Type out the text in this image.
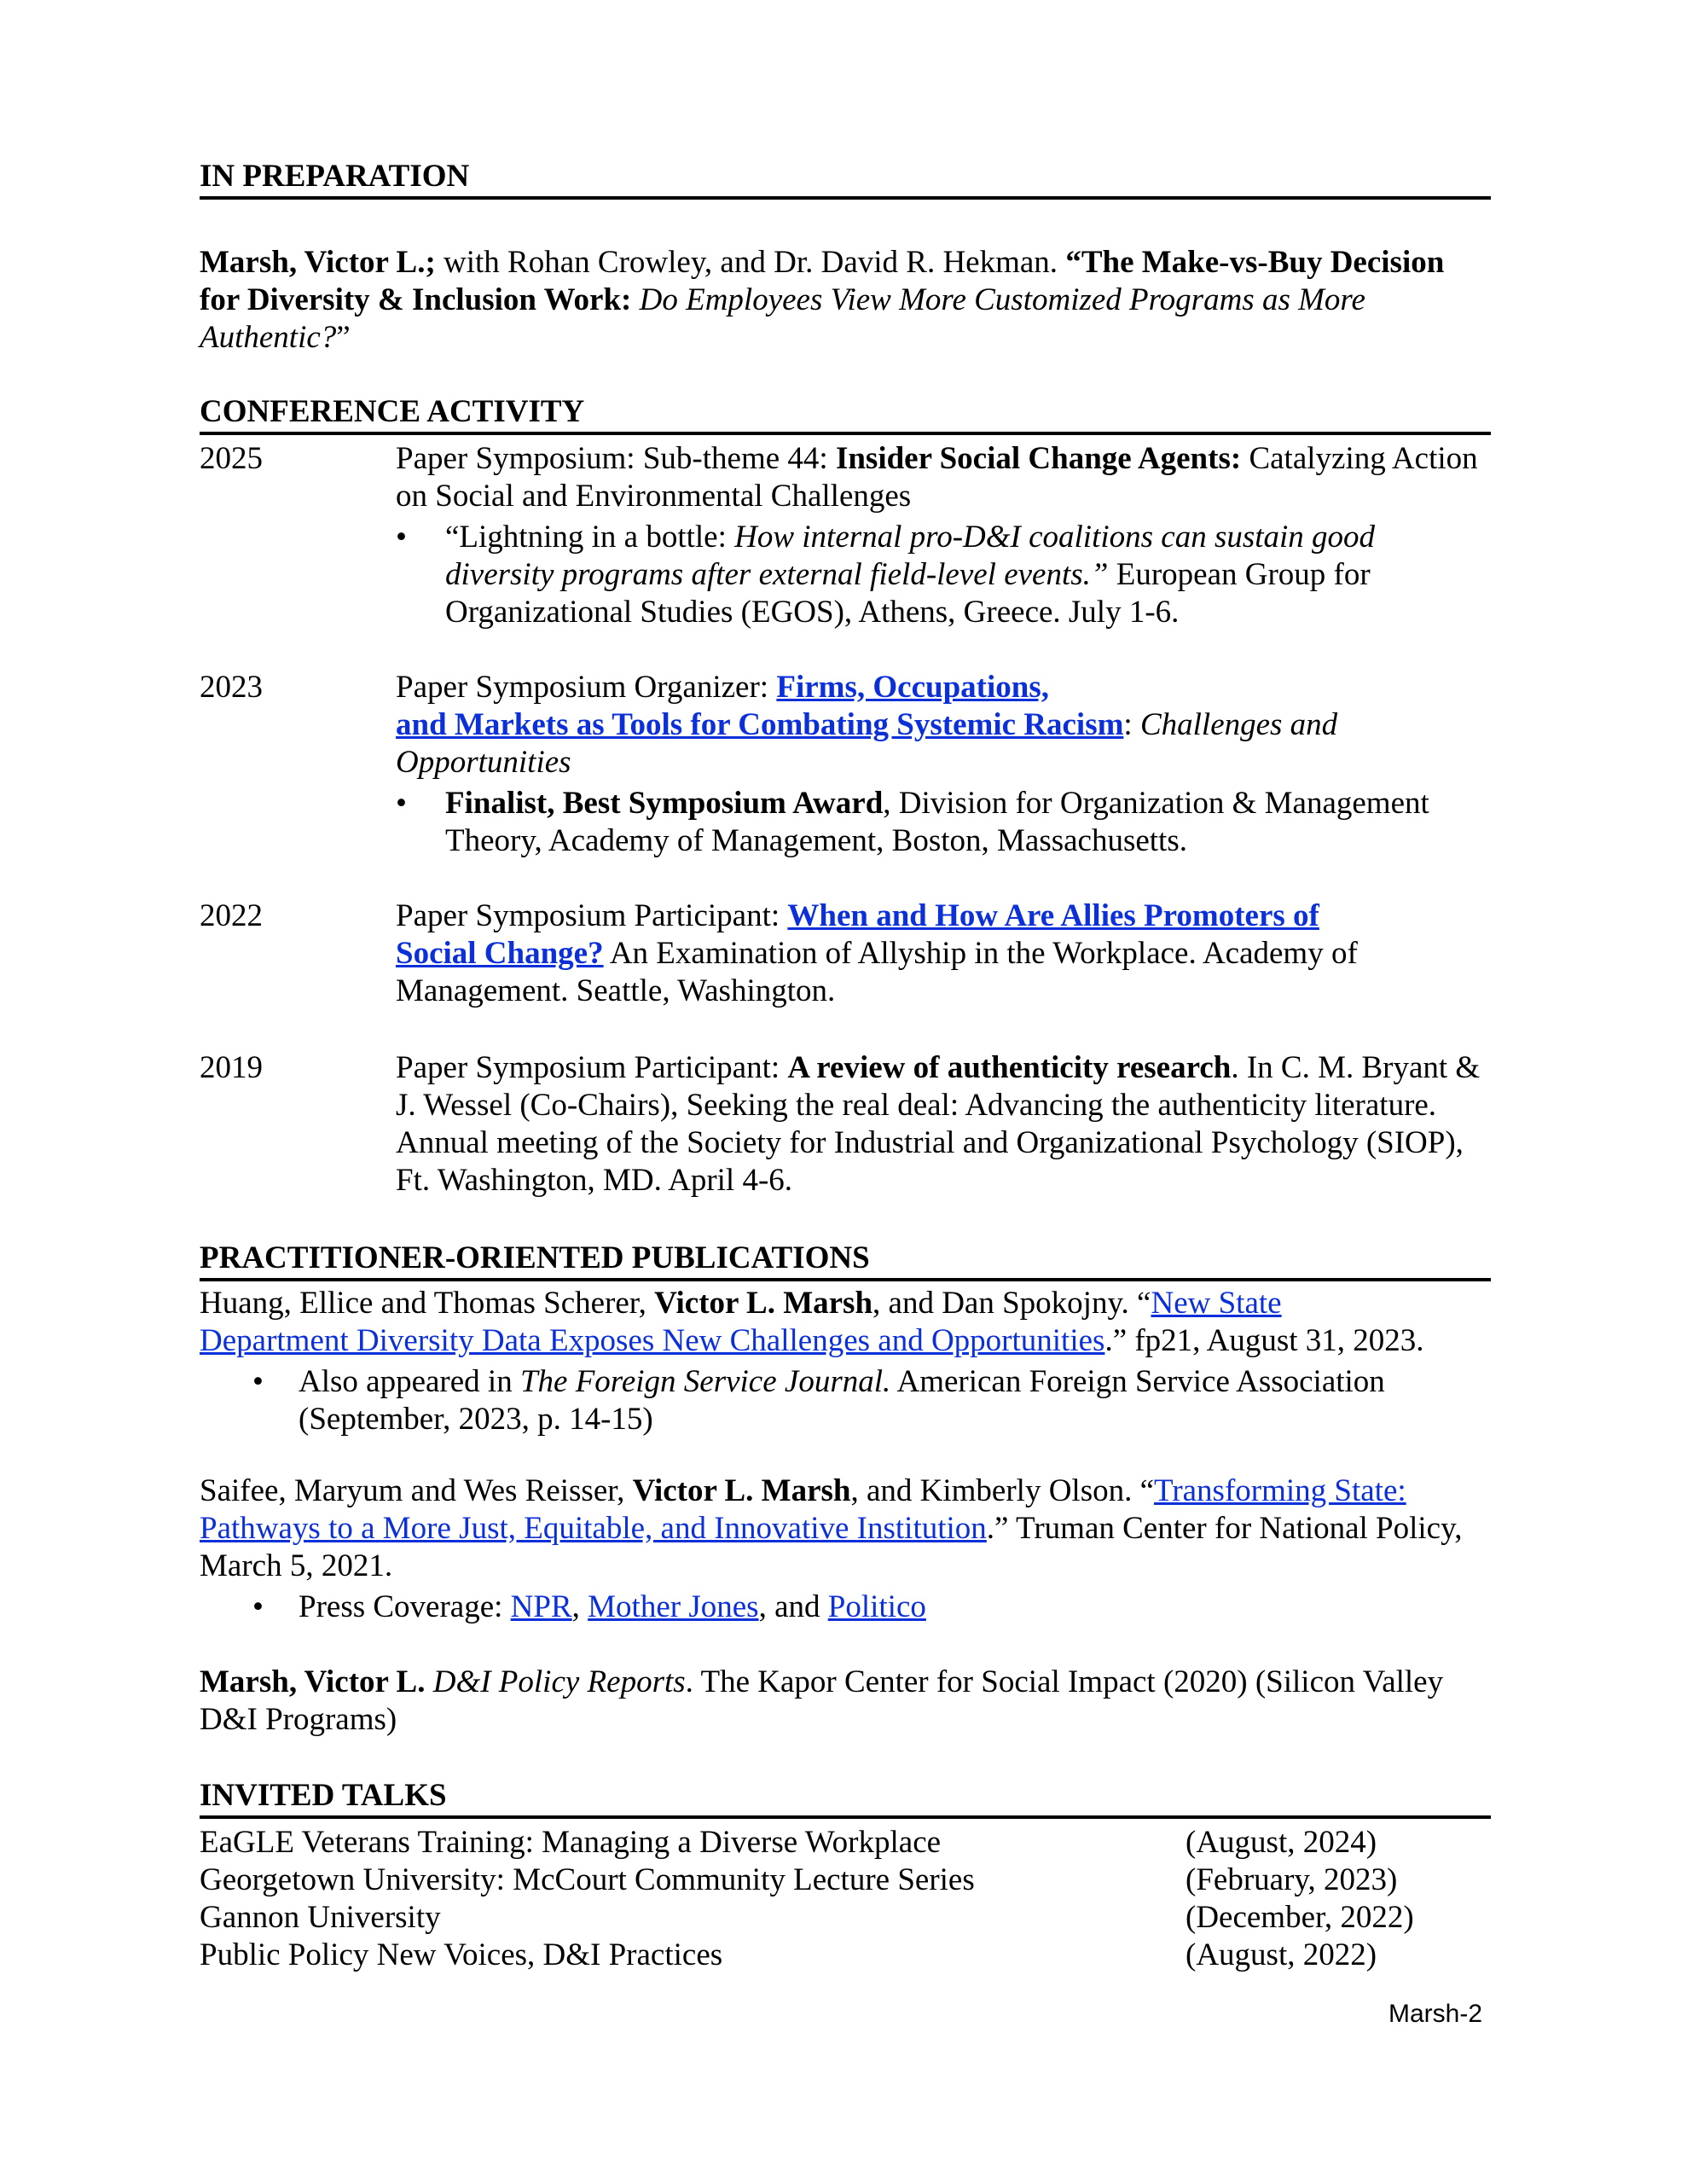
IN PREPARATION
Marsh, Victor L.; with Rohan Crowley, and Dr. David R. Hekman. “The Make-vs-Buy Decision for Diversity & Inclusion Work: Do Employees View More Customized Programs as More Authentic?”
CONFERENCE ACTIVITY
2025	Paper Symposium: Sub-theme 44: Insider Social Change Agents: Catalyzing Action on Social and Environmental Challenges
• “Lightning in a bottle: How internal pro-D&I coalitions can sustain good diversity programs after external field-level events.” European Group for Organizational Studies (EGOS), Athens, Greece. July 1-6.
2023	Paper Symposium Organizer: Firms, Occupations,
and Markets as Tools for Combating Systemic Racism: Challenges and Opportunities
• Finalist, Best Symposium Award, Division for Organization & Management Theory, Academy of Management, Boston, Massachusetts.
2022	Paper Symposium Participant: When and How Are Allies Promoters of
Social Change? An Examination of Allyship in the Workplace. Academy of Management. Seattle, Washington.
2019	Paper Symposium Participant: A review of authenticity research. In C. M. Bryant & J. Wessel (Co-Chairs), Seeking the real deal: Advancing the authenticity literature. Annual meeting of the Society for Industrial and Organizational Psychology (SIOP), Ft. Washington, MD. April 4-6.
PRACTITIONER-ORIENTED PUBLICATIONS
Huang, Ellice and Thomas Scherer, Victor L. Marsh, and Dan Spokojny. “New State
Department Diversity Data Exposes New Challenges and Opportunities.” fp21, August 31, 2023.
• Also appeared in The Foreign Service Journal. American Foreign Service Association (September, 2023, p. 14-15)
Saifee, Maryum and Wes Reisser, Victor L. Marsh, and Kimberly Olson. “Transforming State:
Pathways to a More Just, Equitable, and Innovative Institution.” Truman Center for National Policy, March 5, 2021.
• Press Coverage: NPR, Mother Jones, and Politico
Marsh, Victor L. D&I Policy Reports. The Kapor Center for Social Impact (2020) (Silicon Valley D&I Programs)
INVITED TALKS
EaGLE Veterans Training: Managing a Diverse Workplace	(August, 2024)
Georgetown University: McCourt Community Lecture Series	(February, 2023)
Gannon University	(December, 2022)
Public Policy New Voices, D&I Practices	(August, 2022)
Marsh-2
